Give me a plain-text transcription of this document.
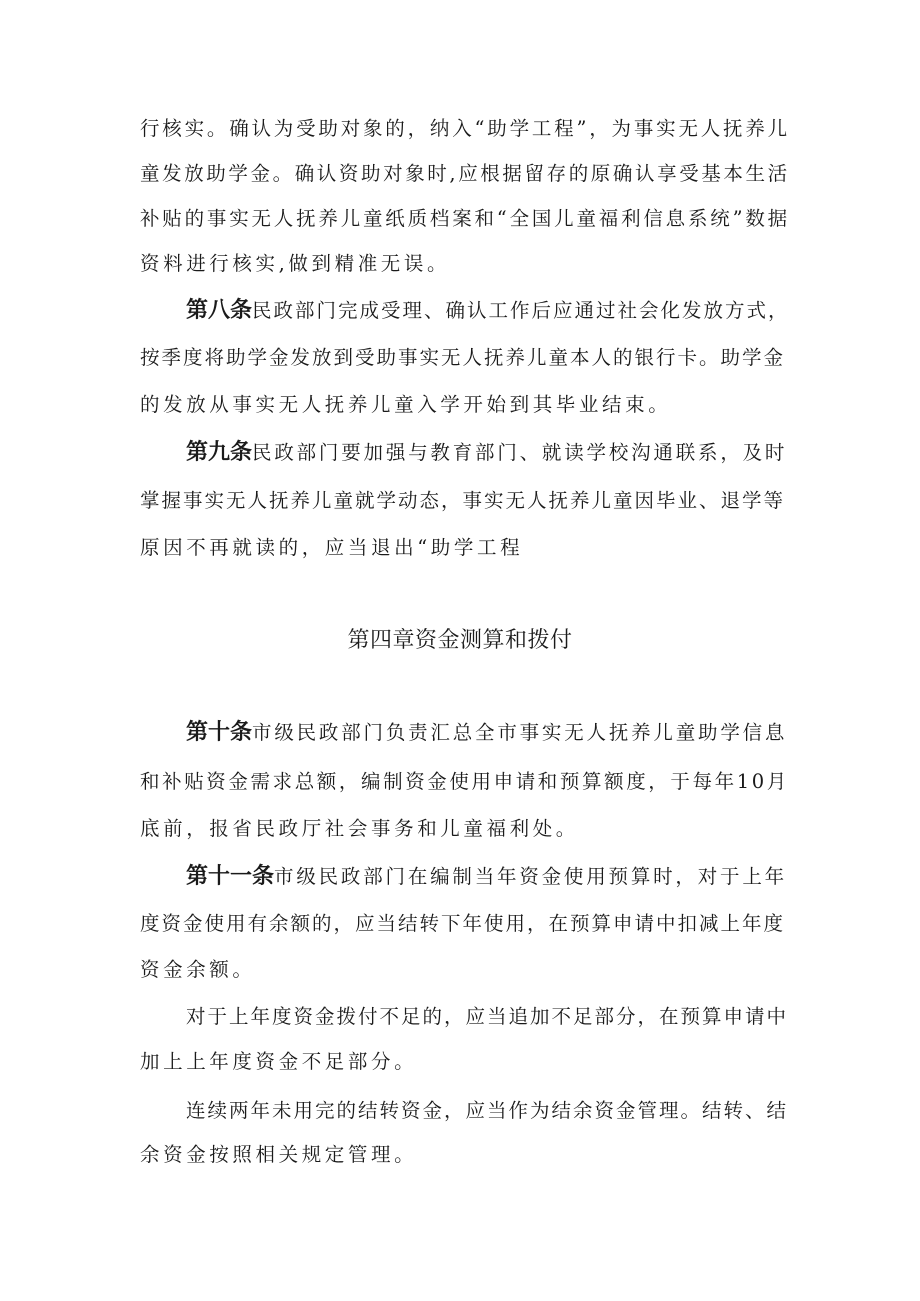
行核实。确认为受助对象的，纳入“助学工程”，为事实无人抚养儿
童发放助学金。确认资助对象时,应根据留存的原确认享受基本生活
补贴的事实无人抚养儿童纸质档案和“全国儿童福利信息系统”数据
资料进行核实,做到精准无误。
第八条民政部门完成受理、确认工作后应通过社会化发放方式，
按季度将助学金发放到受助事实无人抚养儿童本人的银行卡。助学金
的发放从事实无人抚养儿童入学开始到其毕业结束。
第九条民政部门要加强与教育部门、就读学校沟通联系，及时
掌握事实无人抚养儿童就学动态，事实无人抚养儿童因毕业、退学等
原因不再就读的，应当退出“助学工程
第四章资金测算和拨付
第十条市级民政部门负责汇总全市事实无人抚养儿童助学信息
和补贴资金需求总额，编制资金使用申请和预算额度，于每年10月
底前，报省民政厅社会事务和儿童福利处。
第十一条市级民政部门在编制当年资金使用预算时，对于上年
度资金使用有余额的，应当结转下年使用，在预算申请中扣减上年度
资金余额。
对于上年度资金拨付不足的，应当追加不足部分，在预算申请中
加上上年度资金不足部分。
连续两年未用完的结转资金，应当作为结余资金管理。结转、结
余资金按照相关规定管理。
